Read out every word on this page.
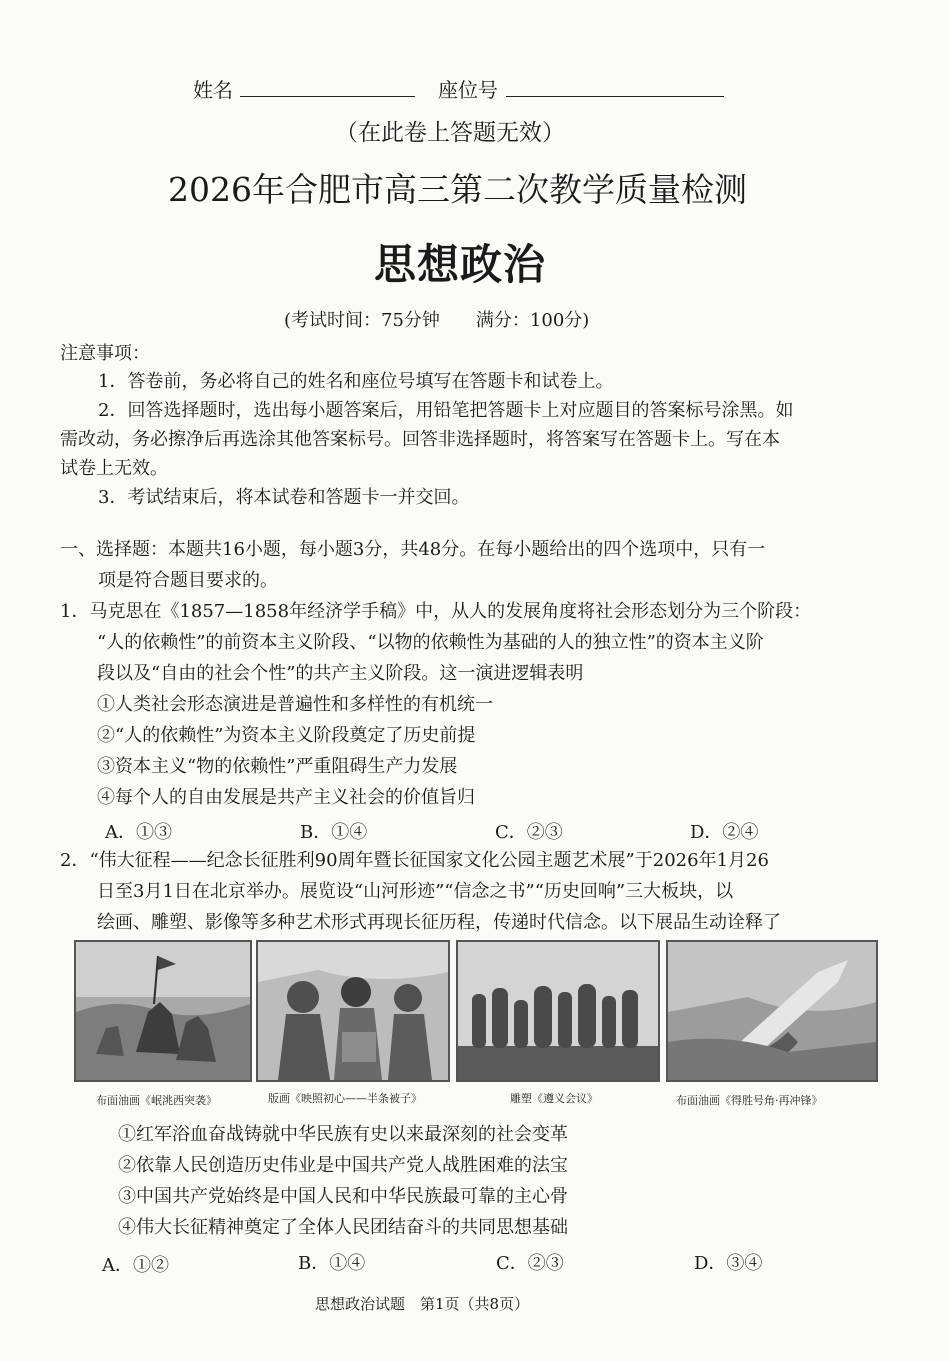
姓名	座位号
（在此卷上答题无效）
2026年合肥市高三第二次教学质量检测
思想政治
(考试时间：75分钟　　满分：100分)
注意事项：
1．答卷前，务必将自己的姓名和座位号填写在答题卡和试卷上。
2．回答选择题时，选出每小题答案后，用铅笔把答题卡上对应题目的答案标号涂黑。如
需改动，务必擦净后再选涂其他答案标号。回答非选择题时，将答案写在答题卡上。写在本
试卷上无效。
3．考试结束后，将本试卷和答题卡一并交回。
一、选择题：本题共16小题，每小题3分，共48分。在每小题给出的四个选项中，只有一
项是符合题目要求的。
1．马克思在《1857—1858年经济学手稿》中，从人的发展角度将社会形态划分为三个阶段：
“人的依赖性”的前资本主义阶段、“以物的依赖性为基础的人的独立性”的资本主义阶
段以及“自由的社会个性”的共产主义阶段。这一演进逻辑表明
①人类社会形态演进是普遍性和多样性的有机统一
②“人的依赖性”为资本主义阶段奠定了历史前提
③资本主义“物的依赖性”严重阻碍生产力发展
④每个人的自由发展是共产主义社会的价值旨归
A．①③	B．①④	C．②③	D．②④
2．“伟大征程——纪念长征胜利90周年暨长征国家文化公园主题艺术展”于2026年1月26
日至3月1日在北京举办。展览设“山河形迹”“信念之书”“历史回响”三大板块，以
绘画、雕塑、影像等多种艺术形式再现长征历程，传递时代信念。以下展品生动诠释了
布面油画《岷洮西突袭》	版画《映照初心——半条被子》	雕塑《遵义会议》	布面油画《得胜号角·再冲锋》
①红军浴血奋战铸就中华民族有史以来最深刻的社会变革
②依靠人民创造历史伟业是中国共产党人战胜困难的法宝
③中国共产党始终是中国人民和中华民族最可靠的主心骨
④伟大长征精神奠定了全体人民团结奋斗的共同思想基础
A．①②	B．①④	C．②③	D．③④
思想政治试题　第1页（共8页）
